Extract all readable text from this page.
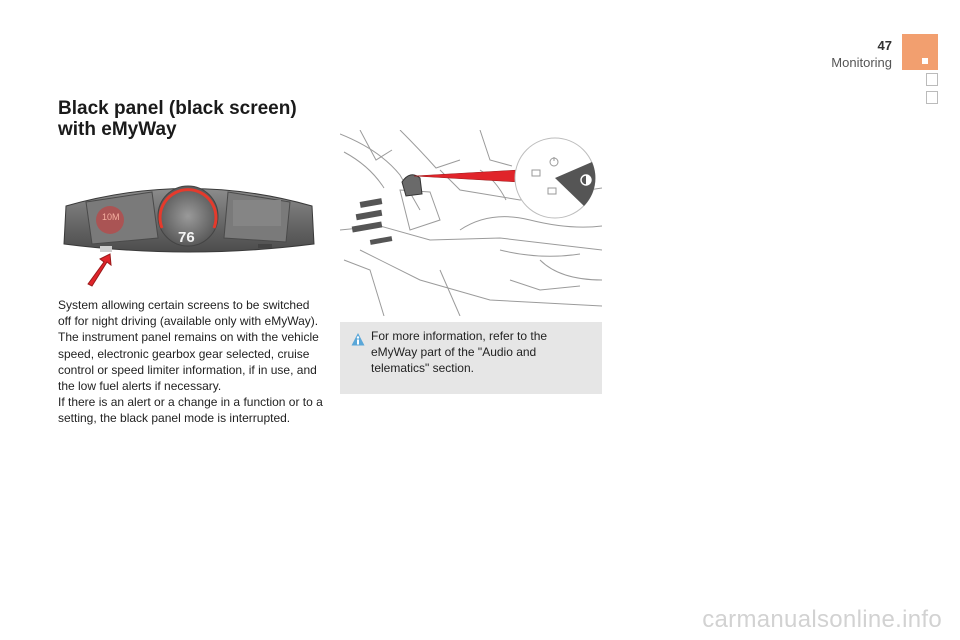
47
Monitoring
Black panel (black screen)
with eMyWay
10M
76

System allowing certain screens to be switched off for night driving (available only with eMyWay).

The instrument panel remains on with the vehicle speed, electronic gearbox gear selected, cruise control or speed limiter information, if in use, and the low fuel alerts if necessary.

If there is an alert or a change in a function or to a setting, the black panel mode is interrupted.

For more information, refer to the eMyWay part of the "Audio and telematics" section.
carmanualsonline.info
